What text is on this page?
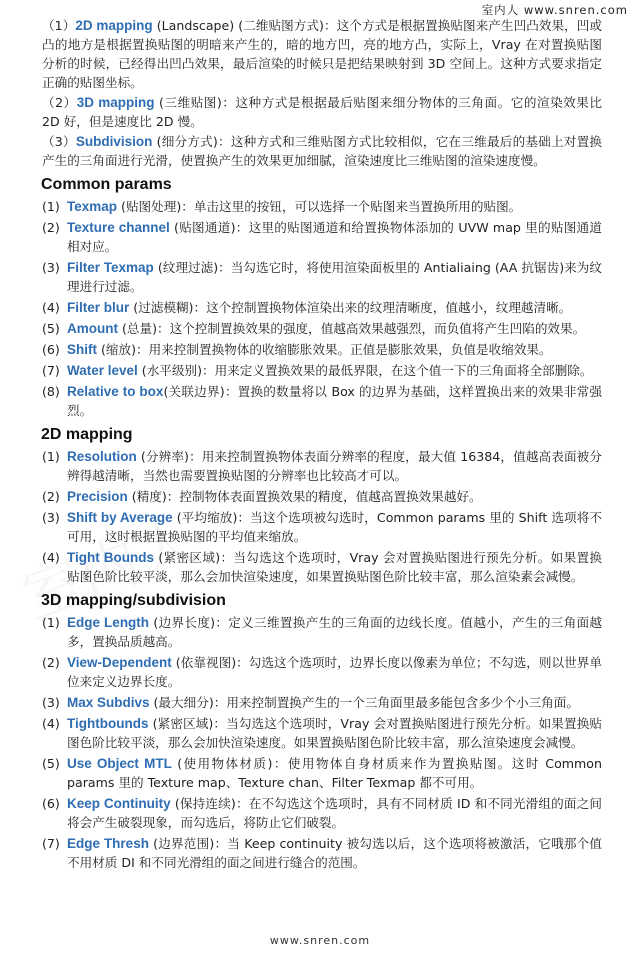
室内人 www.snren.com
（1）2D mapping (Landscape) (二维贴图方式)：这个方式是根据置换贴图来产生凹凸效果，凹或凸的地方是根据置换贴图的明暗来产生的，暗的地方凹，亮的地方凸，实际上，Vray 在对置换贴图分析的时候，已经得出凹凸效果，最后渲染的时候只是把结果映射到 3D 空间上。这种方式要求指定正确的贴图坐标。
（2）3D mapping (三维贴图)：这种方式是根据最后贴图来细分物体的三角面。它的渲染效果比 2D 好，但是速度比 2D 慢。
（3）Subdivision (细分方式)：这种方式和三维贴图方式比较相似，它在三维最后的基础上对置换产生的三角面进行光滑，使置换产生的效果更加细腻，渲染速度比三维贴图的渲染速度慢。
Common params
(1) Texmap (贴图处理)：单击这里的按钮，可以选择一个贴图来当置换所用的贴图。
(2) Texture channel (贴图通道)：这里的贴图通道和给置换物体添加的 UVW map 里的贴图通道相对应。
(3) Filter Texmap (纹理过滤)：当勾选它时，将使用渲染面板里的 Antialiaing (AA 抗锯齿)来为纹理进行过滤。
(4) Filter blur (过滤模糊)：这个控制置换物体渲染出来的纹理清晰度，值越小，纹理越清晰。
(5) Amount (总量)：这个控制置换效果的强度，值越高效果越强烈，而负值将产生凹陷的效果。
(6) Shift (缩放)：用来控制置换物体的收缩膨胀效果。正值是膨胀效果，负值是收缩效果。
(7) Water level (水平级别)：用来定义置换效果的最低界限，在这个值一下的三角面将全部删除。
(8) Relative to box(关联边界)：置换的数量将以 Box 的边界为基础，这样置换出来的效果非常强烈。
2D mapping
(1) Resolution (分辨率)：用来控制置换物体表面分辨率的程度，最大值 16384，值越高表面被分辨得越清晰，当然也需要置换贴图的分辨率也比较高才可以。
(2) Precision (精度)：控制物体表面置换效果的精度，值越高置换效果越好。
(3) Shift by Average (平均缩放)：当这个选项被勾选时，Common params 里的 Shift 选项将不可用，这时根据置换贴图的平均值来缩放。
(4) Tight Bounds (紧密区域)：当勾选这个选项时，Vray 会对置换贴图进行预先分析。如果置换贴图色阶比较平淡，那么会加快渲染速度，如果置换贴图色阶比较丰富，那么渲染素会减慢。
3D mapping/subdivision
(1) Edge Length (边界长度)：定义三维置换产生的三角面的边线长度。值越小，产生的三角面越多，置换品质越高。
(2) View-Dependent (依靠视图)：勾选这个选项时，边界长度以像素为单位；不勾选，则以世界单位来定义边界长度。
(3) Max Subdivs (最大细分)：用来控制置换产生的一个三角面里最多能包含多少个小三角面。
(4) Tightbounds (紧密区域)：当勾选这个选项时，Vray 会对置换贴图进行预先分析。如果置换贴图色阶比较平淡，那么会加快渲染速度。如果置换贴图色阶比较丰富，那么渲染速度会减慢。
(5) Use Object MTL (使用物体材质)：使用物体自身材质来作为置换贴图。这时 Common params 里的 Texture map、Texture chan、Filter Texmap 都不可用。
(6) Keep Continuity (保持连续)：在不勾选这个选项时，具有不同材质 ID 和不同光滑组的面之间将会产生破裂现象，而勾选后，将防止它们破裂。
(7) Edge Thresh (边界范围)：当 Keep continuity 被勾选以后，这个选项将被激活，它哦那个值不用材质 DI 和不同光滑组的面之间进行缝合的范围。
www.snren.com
